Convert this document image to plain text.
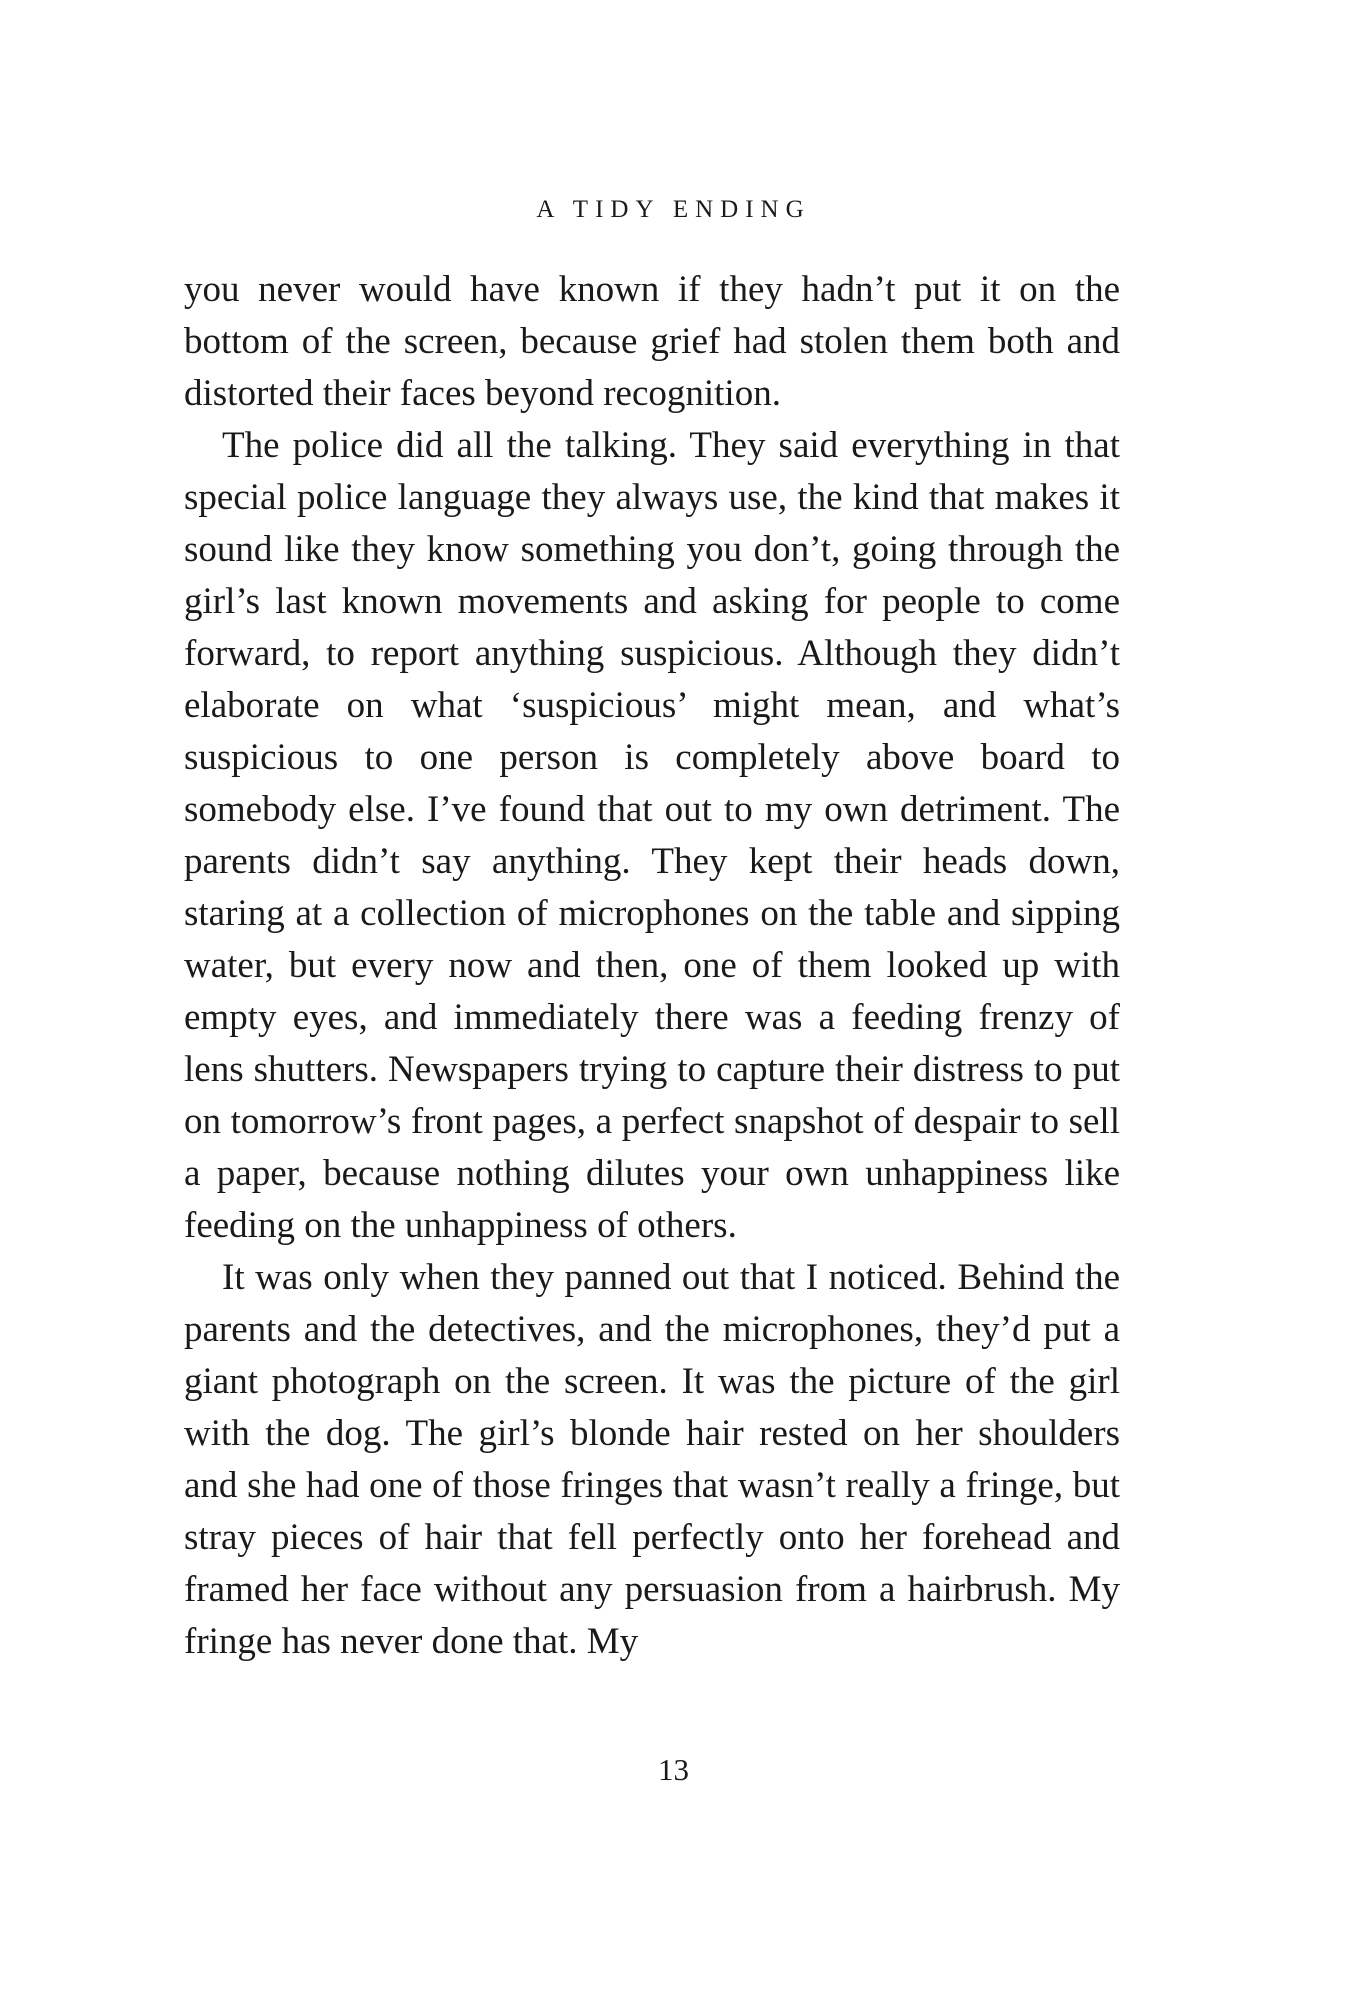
A TIDY ENDING

you never would have known if they hadn’t put it on the bottom of the screen, because grief had stolen them both and distorted their faces beyond recognition.

The police did all the talking. They said everything in that special police language they always use, the kind that makes it sound like they know something you don’t, going through the girl’s last known movements and asking for people to come forward, to report anything suspicious. Although they didn’t elaborate on what ‘suspicious’ might mean, and what’s suspicious to one person is completely above board to somebody else. I’ve found that out to my own detriment. The parents didn’t say anything. They kept their heads down, staring at a collection of microphones on the table and sipping water, but every now and then, one of them looked up with empty eyes, and immediately there was a feeding frenzy of lens shutters. Newspapers trying to capture their distress to put on tomorrow’s front pages, a perfect snapshot of despair to sell a paper, because nothing dilutes your own unhappiness like feeding on the unhappiness of others.

It was only when they panned out that I noticed. Behind the parents and the detectives, and the microphones, they’d put a giant photograph on the screen. It was the picture of the girl with the dog. The girl’s blonde hair rested on her shoulders and she had one of those fringes that wasn’t really a fringe, but stray pieces of hair that fell perfectly onto her forehead and framed her face without any persuasion from a hairbrush. My fringe has never done that. My

13
